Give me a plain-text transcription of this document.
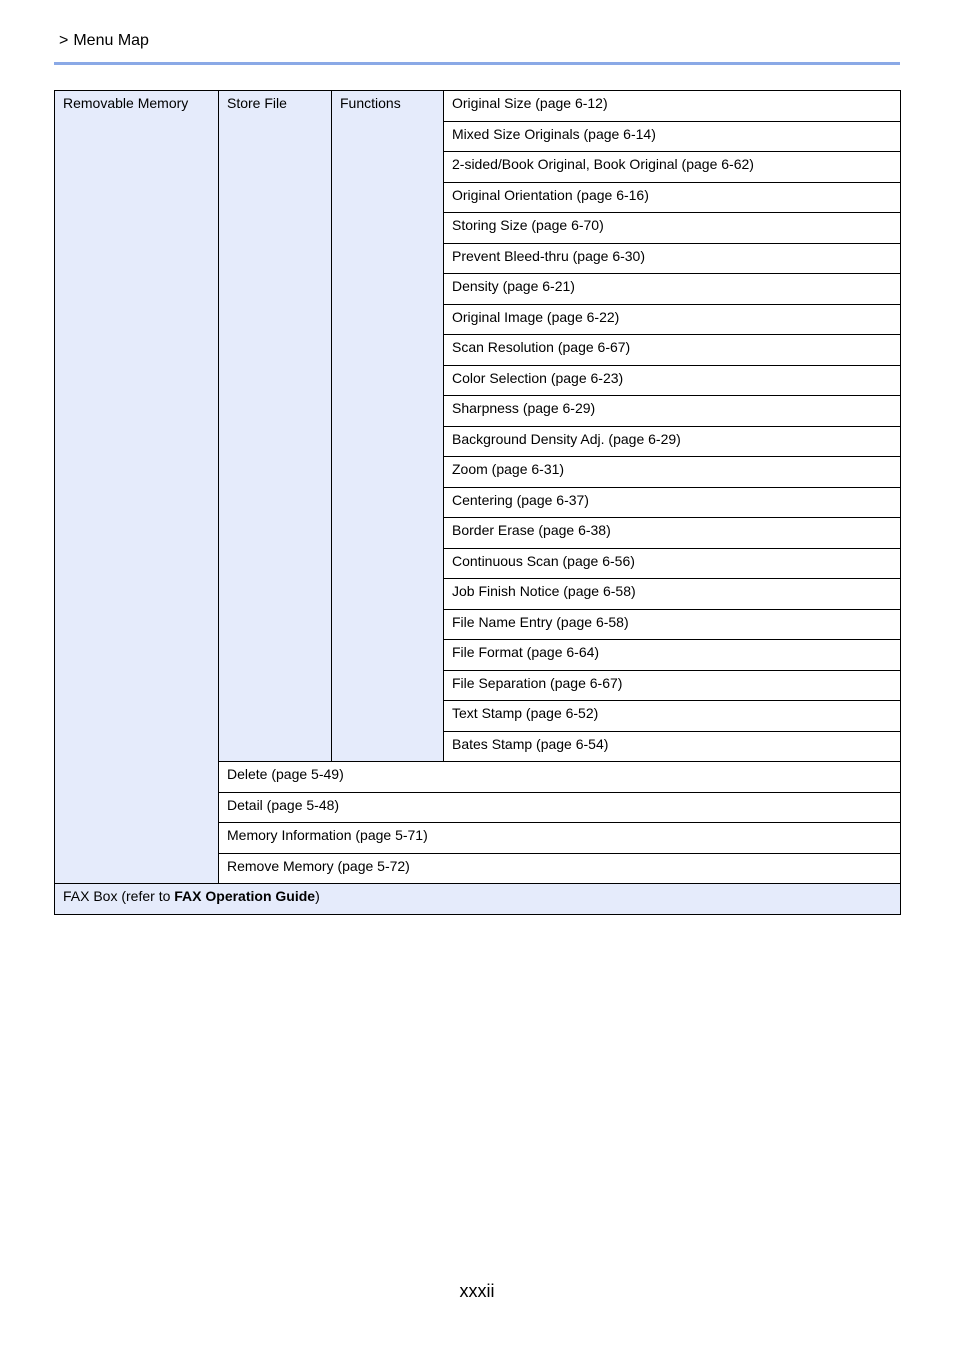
> Menu Map
Removable Memory	Store File	Functions	Original Size (page 6-12)
Mixed Size Originals (page 6-14)
2-sided/Book Original, Book Original (page 6-62)
Original Orientation (page 6-16)
Storing Size (page 6-70)
Prevent Bleed-thru (page 6-30)
Density (page 6-21)
Original Image (page 6-22)
Scan Resolution (page 6-67)
Color Selection (page 6-23)
Sharpness (page 6-29)
Background Density Adj. (page 6-29)
Zoom (page 6-31)
Centering (page 6-37)
Border Erase (page 6-38)
Continuous Scan (page 6-56)
Job Finish Notice (page 6-58)
File Name Entry (page 6-58)
File Format (page 6-64)
File Separation (page 6-67)
Text Stamp (page 6-52)
Bates Stamp (page 6-54)
Delete (page 5-49)
Detail (page 5-48)
Memory Information (page 5-71)
Remove Memory (page 5-72)
FAX Box (refer to FAX Operation Guide)
xxxii
